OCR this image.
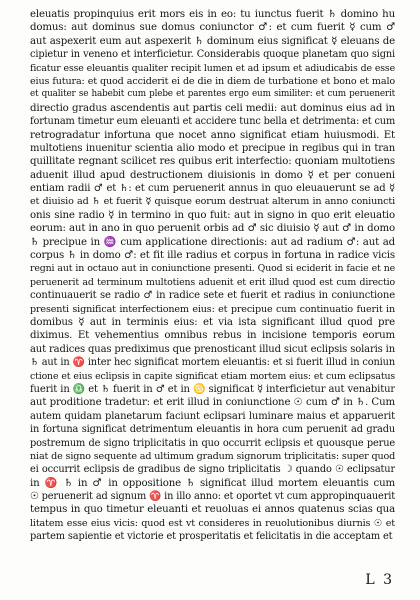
eleuatis propinquius erit mors eis in eo: tu iunctus fuerit ♄ domino hu
domus: aut dominus sue domus coniunctor ♂: et cum fuerit ☿ cum ♂
aut aspexerit eum aut aspexerit ♄ dominum eius significat ☿ eleuans de
cipietur in veneno et interficietur. Considerabis quoque planetam quo signi
ficatur esse eleuantis qualiter recipit lumen et ad ipsum et adiudicabis de esse
eius futura: et quod acciderit ei de die in diem de turbatione et bono et malo
et qualiter se habebit cum plebe et parentes ergo eum similiter: et cum peruenerit
directio gradus ascendentis aut partis celi medii: aut dominus eius ad in
fortunam timetur eum eleuanti et accidere tunc bella et detrimenta: et cum
retrogradatur infortuna que nocet anno significat etiam huiusmodi. Et
multotiens inuenitur scientia alio modo et precipue in regibus qui in tran
quillitate regnant scilicet res quibus erit interfectio: quoniam multotiens
aduenit illud apud destructionem diuisionis in domo ☿ et per conueni
entiam radii ♂ et ♄: et cum peruenerit annus in quo eleuauerunt se ad ☿
et diuisio ad ♄ et fuerit ☿ quisque eorum destruat alterum in anno coniuncti
onis sine radio ☿ in termino in quo fuit: aut in signo in quo erit eleuatio
eorum: aut in ano in quo peruenit orbis ad ♂ sic diuisio ☿ aut ♂ in domo
♄ precipue in ♒ cum applicatione directionis: aut ad radium ♂: aut ad
corpus ♄ in domo ♂: et fit ille radius et corpus in fortuna in radice vicis
regni aut in octauo aut in coniunctione presenti. Quod si eciderit in facie et ne
peruenerit ad terminum multotiens aduenit et erit illud quod est cum directio
continuauerit se radio ♂ in radice sete et fuerit et radius in coniunctione
presenti significat interfectionem eius: et precipue cum continuatio fuerit in
domibus ☿ aut in terminis eius: et via ista significant illud quod pre
diximus. Et vehementius omnibus rebus in incisione temporis eorum
aut radices quas prediximus que prenosticant illud sicut eclipsis solaris in
♄ aut in ♈ inter hec significat mortem eleuantis: et si fuerit illud in coniun
ctione et eius eclipsis in capite significat etiam mortem eius: et cum eclipsatus
fuerit in ♎ et ♄ fuerit in ♂ et in ♋ significat ☿ interficietur aut venabitur
aut proditione tradetur: et erit illud in coniunctione ☉ cum ♂ in ♄. Cum
autem quidam planetarum faciunt eclipsari luminare maius et apparuerit
in fortuna significat detrimentum eleuantis in hora cum peruenit ad gradu
postremum de signo triplicitatis in quo occurrit eclipsis et quousque perue
niat de signo sequente ad ultimum gradum signorum triplicitatis: super quod
ei occurrit eclipsis de gradibus de signo triplicitatis ☽ quando ☉ eclipsatur
in ♈ ♄ in ♂ in oppositione ♄ significat illud mortem eleuantis cum
☉ peruenerit ad signum ♈ in illo anno: et oportet vt cum appropinquauerit
tempus in quo timetur eleuanti et reuoluas ei annos quatenus scias qua
litatem esse eius vicis: quod est vt consideres in reuolutionibus diurnis ☉ et
partem sapientie et victorie et prosperitatis et felicitatis in die acceptam et
L 3
